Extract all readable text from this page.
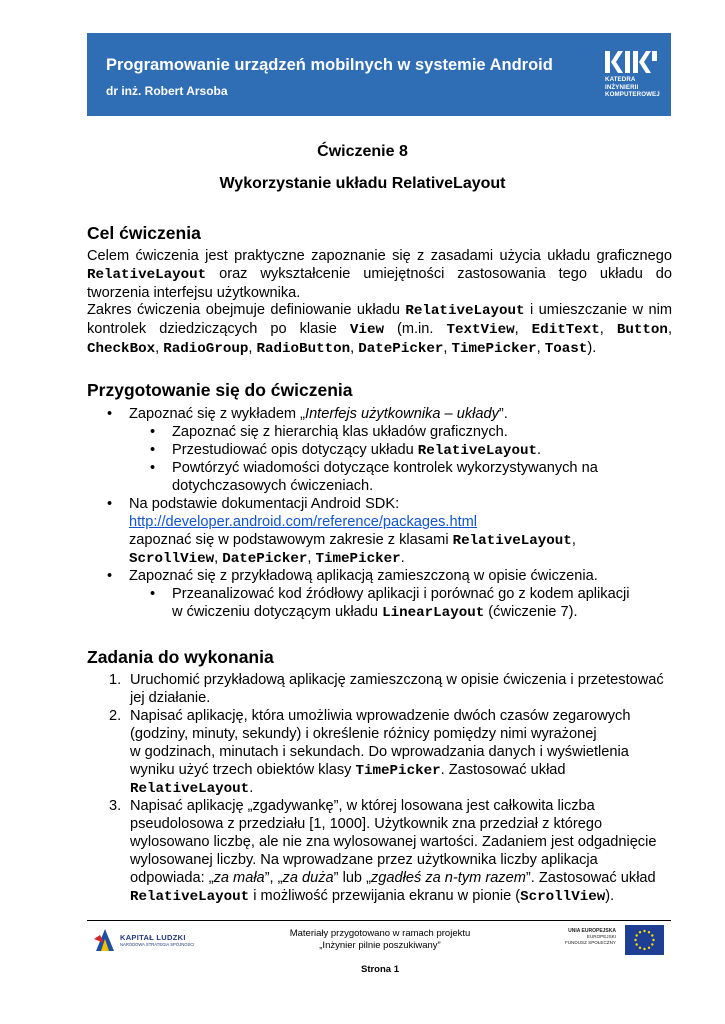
Programowanie urządzeń mobilnych w systemie Android
dr inż. Robert Arsoba
KATEDRA
INŻYNIERII
KOMPUTEROWEJ
Ćwiczenie 8
Wykorzystanie układu RelativeLayout
Cel ćwiczenia
Celem ćwiczenia jest praktyczne zapoznanie się z zasadami użycia układu graficznego RelativeLayout oraz wykształcenie umiejętności zastosowania tego układu do tworzenia interfejsu użytkownika.
Zakres ćwiczenia obejmuje definiowanie układu RelativeLayout i umieszczanie w nim kontrolek dziedziczących po klasie View (m.in. TextView, EditText, Button, CheckBox, RadioGroup, RadioButton, DatePicker, TimePicker, Toast).
Przygotowanie się do ćwiczenia
• Zapoznać się z wykładem „Interfejs użytkownika – układy”.
• Zapoznać się z hierarchią klas układów graficznych.
• Przestudiować opis dotyczący układu RelativeLayout.
• Powtórzyć wiadomości dotyczące kontrolek wykorzystywanych na
dotychczasowych ćwiczeniach.
• Na podstawie dokumentacji Android SDK:
http://developer.android.com/reference/packages.html
zapoznać się w podstawowym zakresie z klasami RelativeLayout,
ScrollView, DatePicker, TimePicker.
• Zapoznać się z przykładową aplikacją zamieszczoną w opisie ćwiczenia.
• Przeanalizować kod źródłowy aplikacji i porównać go z kodem aplikacji
w ćwiczeniu dotyczącym układu LinearLayout (ćwiczenie 7).
Zadania do wykonania
1. Uruchomić przykładową aplikację zamieszczoną w opisie ćwiczenia i przetestować
jej działanie.
2. Napisać aplikację, która umożliwia wprowadzenie dwóch czasów zegarowych
(godziny, minuty, sekundy) i określenie różnicy pomiędzy nimi wyrażonej
w godzinach, minutach i sekundach. Do wprowadzania danych i wyświetlenia
wyniku użyć trzech obiektów klasy TimePicker. Zastosować układ
RelativeLayout.
3. Napisać aplikację „zgadywankę”, w której losowana jest całkowita liczba
pseudolosowa z przedziału [1, 1000]. Użytkownik zna przedział z którego
wylosowano liczbę, ale nie zna wylosowanej wartości. Zadaniem jest odgadnięcie
wylosowanej liczby. Na wprowadzane przez użytkownika liczby aplikacja
odpowiada: „za mała”, „za duża” lub „zgadłeś za n-tym razem”. Zastosować układ
RelativeLayout i możliwość przewijania ekranu w pionie (ScrollView).
KAPITAŁ LUDZKI
NARODOWA STRATEGIA SPÓJNOŚCI
Materiały przygotowano w ramach projektu
„Inżynier pilnie poszukiwany”
Strona 1
UNIA EUROPEJSKA
EUROPEJSKI
FUNDUSZ SPOŁECZNY
